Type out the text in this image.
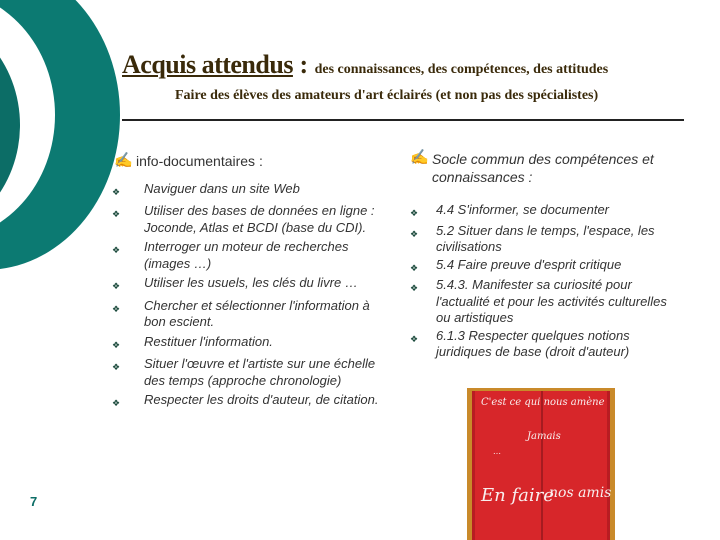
Acquis attendus : des connaissances, des compétences, des attitudes
Faire des élèves des amateurs d'art éclairés (et non pas des spécialistes)
✍ info-documentaires :
❖	Naviguer dans un site Web
❖	Utiliser des bases de données en ligne : Joconde, Atlas et BCDI (base du CDI).
❖	Interroger un moteur de recherches (images …)
❖	Utiliser les usuels, les clés du livre …
❖	Chercher et sélectionner l'information à bon escient.
❖	Restituer l'information.
❖	Situer l'œuvre et l'artiste sur une échelle des temps (approche chronologie)
❖	Respecter les droits d'auteur, de citation.
✍ Socle commun des compétences et connaissances :
❖	4.4 S'informer, se documenter
❖	5.2 Situer dans le temps, l'espace, les civilisations
❖	5.4 Faire preuve d'esprit critique
❖	5.4.3. Manifester sa curiosité pour l'actualité et pour les activités culturelles ou artistiques
❖	6.1.3 Respecter quelques notions juridiques de base (droit d'auteur)
7
C'est ce qui nous amène
Jamais
…
En faire
nos amis
